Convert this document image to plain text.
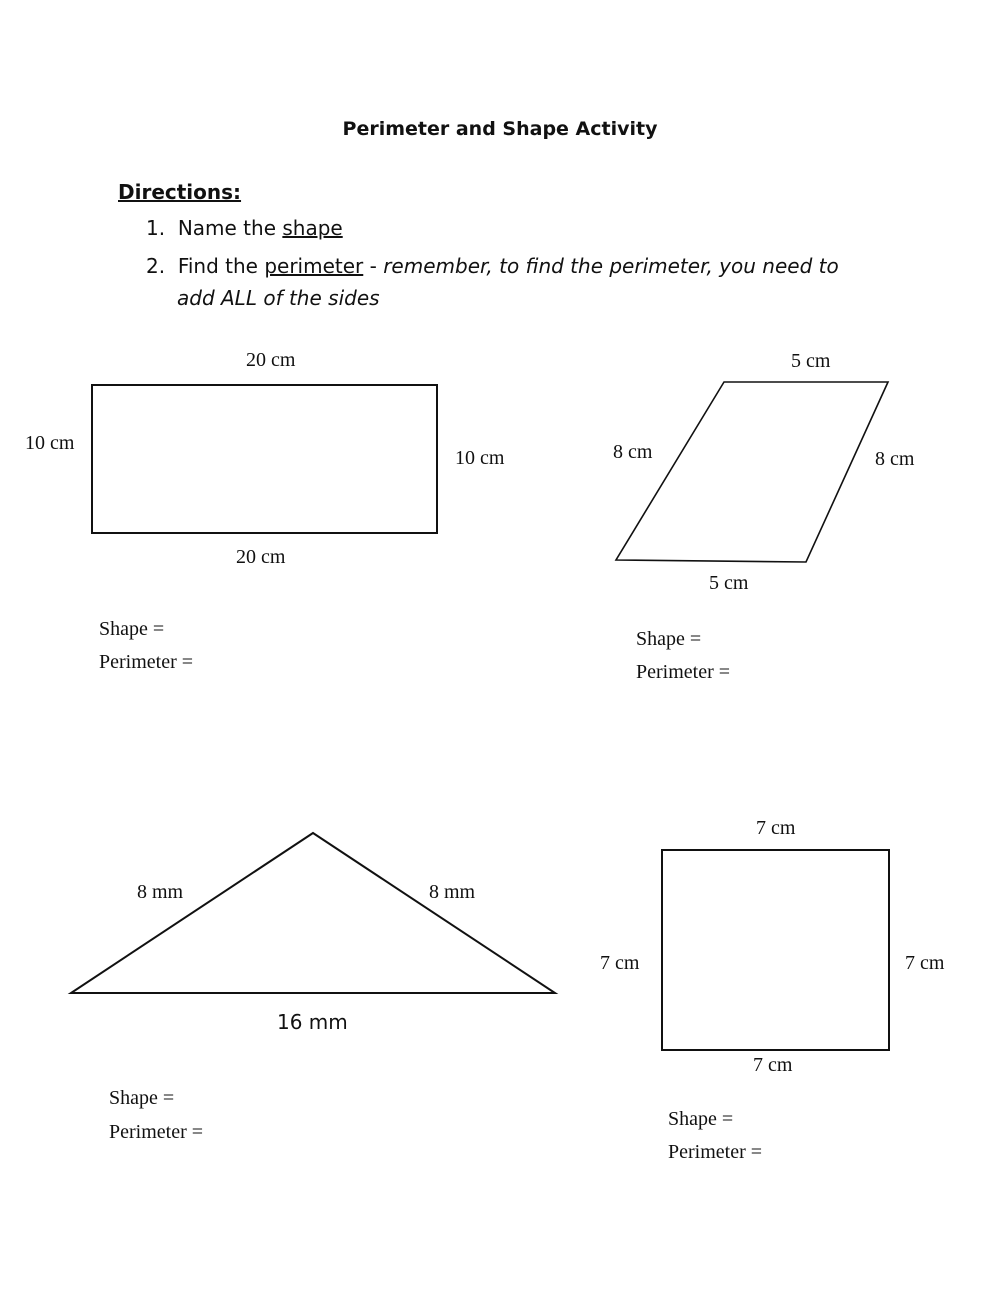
Perimeter and Shape Activity
Directions:
1. Name the shape
2. Find the perimeter - remember, to find the perimeter, you need to
add ALL of the sides
20 cm
10 cm
10 cm
20 cm
Shape =
Perimeter =
5 cm
8 cm	8 cm
5 cm
Shape =
Perimeter =
8 mm	8 mm
16 mm
Shape =
Perimeter =
7 cm
7 cm	7 cm
7 cm
Shape =
Perimeter =
